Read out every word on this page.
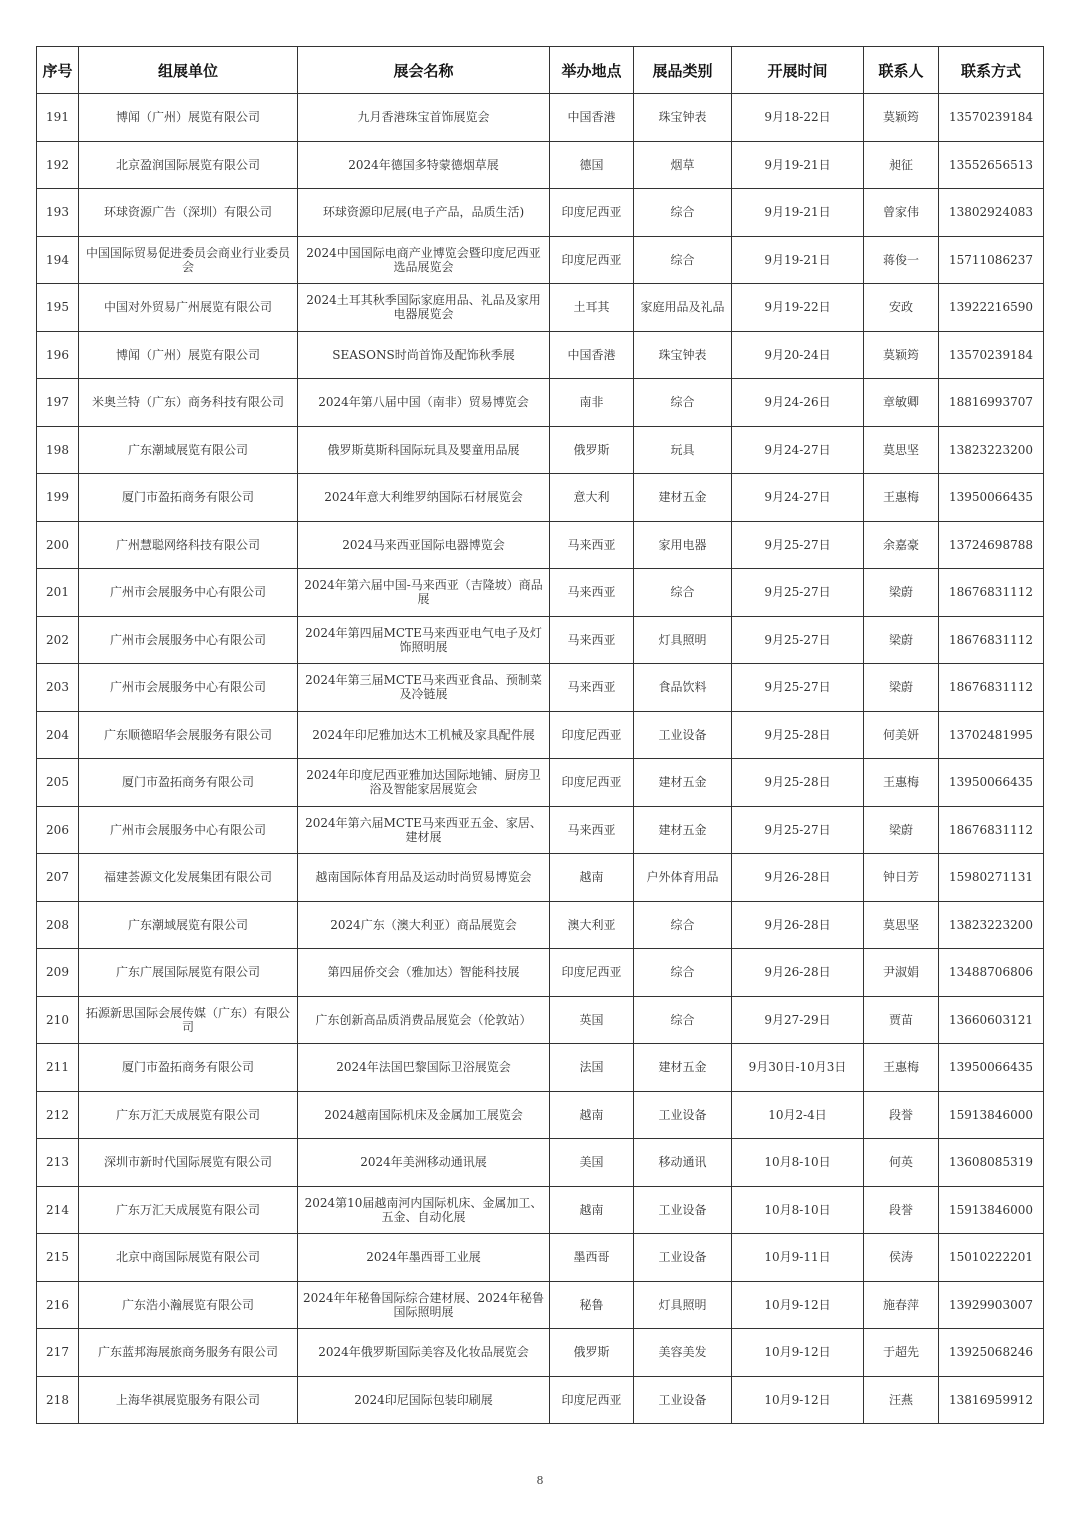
序号	组展单位	展会名称	举办地点	展品类别	开展时间	联系人	联系方式
191	博闻（广州）展览有限公司	九月香港珠宝首饰展览会	中国香港	珠宝钟表	9月18-22日	莫颖筠	13570239184
192	北京盈润国际展览有限公司	2024年德国多特蒙德烟草展	德国	烟草	9月19-21日	昶征	13552656513
193	环球资源广告（深圳）有限公司	环球资源印尼展(电子产品，品质生活)	印度尼西亚	综合	9月19-21日	曾家伟	13802924083
194	中国国际贸易促进委员会商业行业委员会	2024中国国际电商产业博览会暨印度尼西亚选品展览会	印度尼西亚	综合	9月19-21日	蒋俊一	15711086237
195	中国对外贸易广州展览有限公司	2024土耳其秋季国际家庭用品、礼品及家用电器展览会	土耳其	家庭用品及礼品	9月19-22日	安政	13922216590
196	博闻（广州）展览有限公司	SEASONS时尚首饰及配饰秋季展	中国香港	珠宝钟表	9月20-24日	莫颖筠	13570239184
197	米奥兰特（广东）商务科技有限公司	2024年第八届中国（南非）贸易博览会	南非	综合	9月24-26日	章敏卿	18816993707
198	广东潮域展览有限公司	俄罗斯莫斯科国际玩具及婴童用品展	俄罗斯	玩具	9月24-27日	莫思坚	13823223200
199	厦门市盈拓商务有限公司	2024年意大利维罗纳国际石材展览会	意大利	建材五金	9月24-27日	王惠梅	13950066435
200	广州慧聪网络科技有限公司	2024马来西亚国际电器博览会	马来西亚	家用电器	9月25-27日	余嘉豪	13724698788
201	广州市会展服务中心有限公司	2024年第六届中国-马来西亚（吉隆坡）商品展	马来西亚	综合	9月25-27日	梁蔚	18676831112
202	广州市会展服务中心有限公司	2024年第四届MCTE马来西亚电气电子及灯饰照明展	马来西亚	灯具照明	9月25-27日	梁蔚	18676831112
203	广州市会展服务中心有限公司	2024年第三届MCTE马来西亚食品、预制菜及冷链展	马来西亚	食品饮料	9月25-27日	梁蔚	18676831112
204	广东顺德昭华会展服务有限公司	2024年印尼雅加达木工机械及家具配件展	印度尼西亚	工业设备	9月25-28日	何美妍	13702481995
205	厦门市盈拓商务有限公司	2024年印度尼西亚雅加达国际地铺、厨房卫浴及智能家居展览会	印度尼西亚	建材五金	9月25-28日	王惠梅	13950066435
206	广州市会展服务中心有限公司	2024年第六届MCTE马来西亚五金、家居、建材展	马来西亚	建材五金	9月25-27日	梁蔚	18676831112
207	福建荟源文化发展集团有限公司	越南国际体育用品及运动时尚贸易博览会	越南	户外体育用品	9月26-28日	钟日芳	15980271131
208	广东潮域展览有限公司	2024广东（澳大利亚）商品展览会	澳大利亚	综合	9月26-28日	莫思坚	13823223200
209	广东广展国际展览有限公司	第四届侨交会（雅加达）智能科技展	印度尼西亚	综合	9月26-28日	尹淑娟	13488706806
210	拓源新思国际会展传媒（广东）有限公司	广东创新高品质消费品展览会（伦敦站）	英国	综合	9月27-29日	贾苗	13660603121
211	厦门市盈拓商务有限公司	2024年法国巴黎国际卫浴展览会	法国	建材五金	9月30日-10月3日	王惠梅	13950066435
212	广东万汇天成展览有限公司	2024越南国际机床及金属加工展览会	越南	工业设备	10月2-4日	段誉	15913846000
213	深圳市新时代国际展览有限公司	2024年美洲移动通讯展	美国	移动通讯	10月8-10日	何英	13608085319
214	广东万汇天成展览有限公司	2024第10届越南河内国际机床、金属加工、五金、自动化展	越南	工业设备	10月8-10日	段誉	15913846000
215	北京中商国际展览有限公司	2024年墨西哥工业展	墨西哥	工业设备	10月9-11日	侯涛	15010222201
216	广东浩小瀚展览有限公司	2024年年秘鲁国际综合建材展、2024年秘鲁国际照明展	秘鲁	灯具照明	10月9-12日	施春萍	13929903007
217	广东蓝邦海展旅商务服务有限公司	2024年俄罗斯国际美容及化妆品展览会	俄罗斯	美容美发	10月9-12日	于超先	13925068246
218	上海华祺展览服务有限公司	2024印尼国际包装印刷展	印度尼西亚	工业设备	10月9-12日	汪燕	13816959912
8
